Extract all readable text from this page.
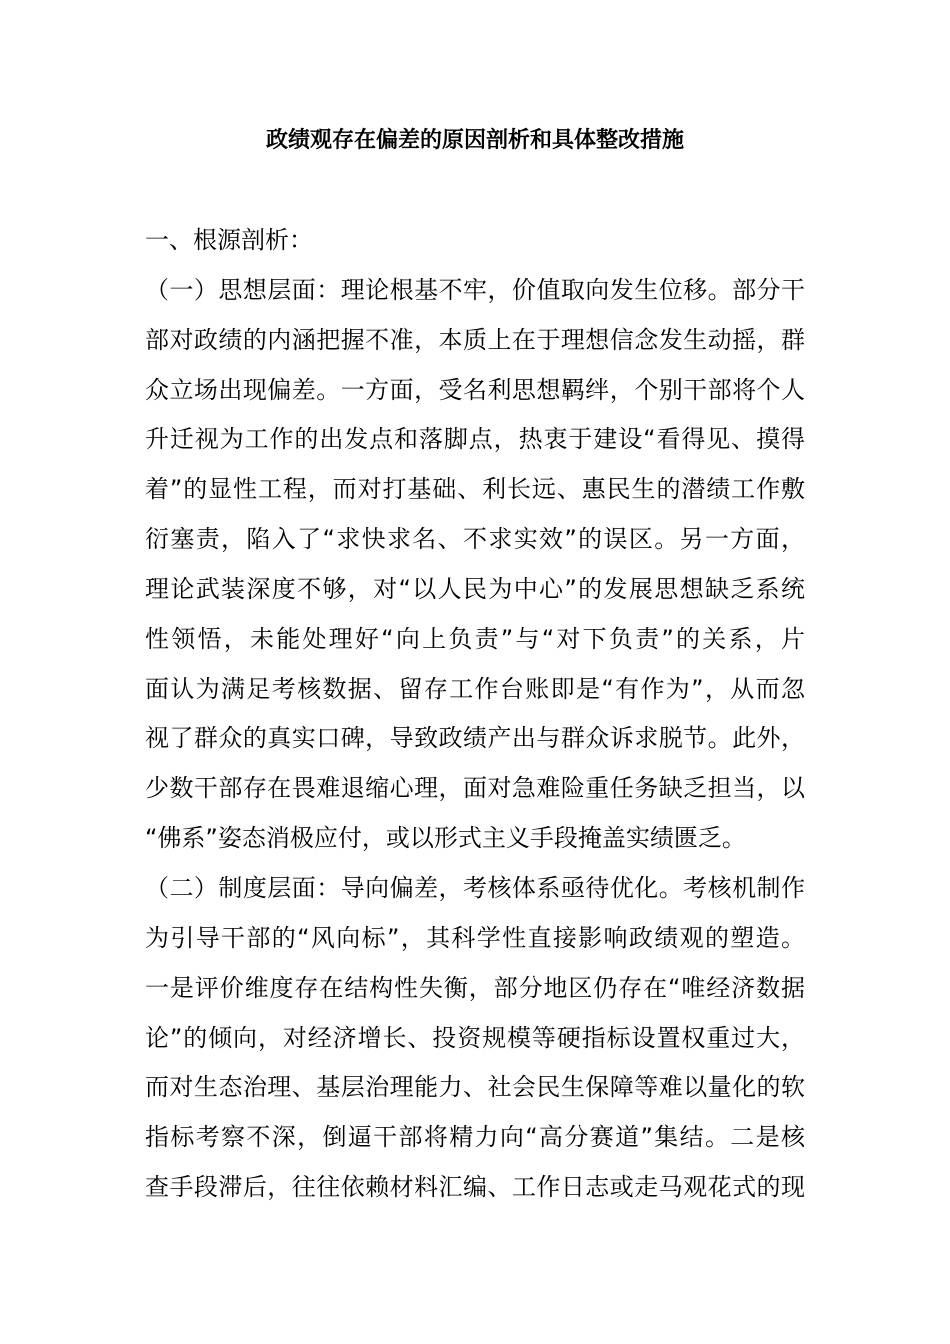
政绩观存在偏差的原因剖析和具体整改措施
一、根源剖析：
（一）思想层面：理论根基不牢，价值取向发生位移。部分干
部对政绩的内涵把握不准，本质上在于理想信念发生动摇，群
众立场出现偏差。一方面，受名利思想羁绊，个别干部将个人
升迁视为工作的出发点和落脚点，热衷于建设“看得见、摸得
着”的显性工程，而对打基础、利长远、惠民生的潜绩工作敷
衍塞责，陷入了“求快求名、不求实效”的误区。另一方面，
理论武装深度不够，对“以人民为中心”的发展思想缺乏系统
性领悟，未能处理好“向上负责”与“对下负责”的关系，片
面认为满足考核数据、留存工作台账即是“有作为”，从而忽
视了群众的真实口碑，导致政绩产出与群众诉求脱节。此外，
少数干部存在畏难退缩心理，面对急难险重任务缺乏担当，以
“佛系”姿态消极应付，或以形式主义手段掩盖实绩匮乏。
（二）制度层面：导向偏差，考核体系亟待优化。考核机制作
为引导干部的“风向标”，其科学性直接影响政绩观的塑造。
一是评价维度存在结构性失衡，部分地区仍存在“唯经济数据
论”的倾向，对经济增长、投资规模等硬指标设置权重过大，
而对生态治理、基层治理能力、社会民生保障等难以量化的软
指标考察不深，倒逼干部将精力向“高分赛道”集结。二是核
查手段滞后，往往依赖材料汇编、工作日志或走马观花式的现
